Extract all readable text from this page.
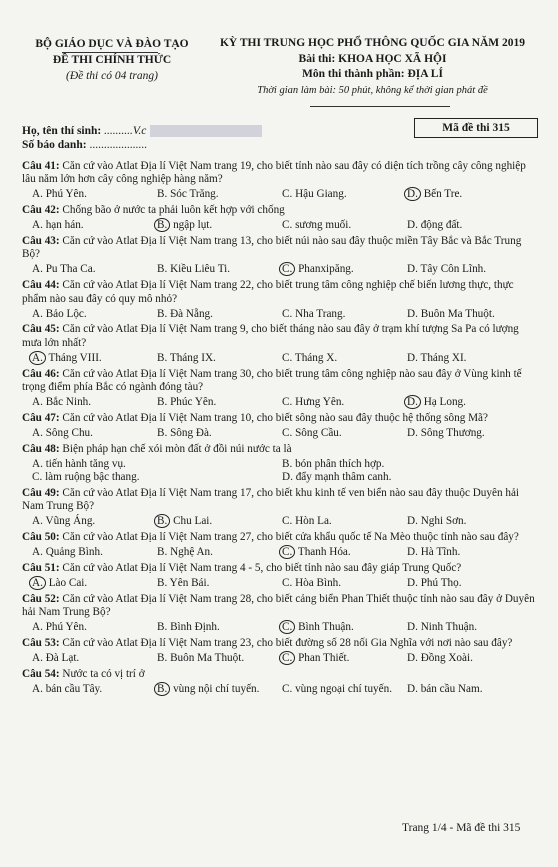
BỘ GIÁO DỤC VÀ ĐÀO TẠO
ĐỀ THI CHÍNH THỨC
(Đề thi có 04 trang)
KỲ THI TRUNG HỌC PHỔ THÔNG QUỐC GIA NĂM 2019
Bài thi: KHOA HỌC XÃ HỘI
Môn thi thành phần: ĐỊA LÍ
Thời gian làm bài: 50 phút, không kể thời gian phát đề
Họ, tên thí sinh: ..........V.c
Số báo danh: ....................
Mã đề thi 315
Câu 41: Căn cứ vào Atlat Địa lí Việt Nam trang 19, cho biết tỉnh nào sau đây có diện tích trồng cây công nghiệp lâu năm lớn hơn cây công nghiệp hàng năm?
A. Phú Yên.	B. Sóc Trăng.	C. Hậu Giang.	D. Bến Tre.
Câu 42: Chống bão ở nước ta phải luôn kết hợp với chống
A. hạn hán.	B. ngập lụt.	C. sương muối.	D. động đất.
Câu 43: Căn cứ vào Atlat Địa lí Việt Nam trang 13, cho biết núi nào sau đây thuộc miền Tây Bắc và Bắc Trung Bộ?
A. Pu Tha Ca.	B. Kiều Liêu Ti.	C. Phanxipăng.	D. Tây Côn Lĩnh.
Câu 44: Căn cứ vào Atlat Địa lí Việt Nam trang 22, cho biết trung tâm công nghiệp chế biến lương thực, thực phẩm nào sau đây có quy mô nhỏ?
A. Bảo Lộc.	B. Đà Nẵng.	C. Nha Trang.	D. Buôn Ma Thuột.
Câu 45: Căn cứ vào Atlat Địa lí Việt Nam trang 9, cho biết tháng nào sau đây ở trạm khí tượng Sa Pa có lượng mưa lớn nhất?
A. Tháng VIII.	B. Tháng IX.	C. Tháng X.	D. Tháng XI.
Câu 46: Căn cứ vào Atlat Địa lí Việt Nam trang 30, cho biết trung tâm công nghiệp nào sau đây ở Vùng kinh tế trọng điểm phía Bắc có ngành đóng tàu?
A. Bắc Ninh.	B. Phúc Yên.	C. Hưng Yên.	D. Hạ Long.
Câu 47: Căn cứ vào Atlat Địa lí Việt Nam trang 10, cho biết sông nào sau đây thuộc hệ thống sông Mã?
A. Sông Chu.	B. Sông Đà.	C. Sông Cầu.	D. Sông Thương.
Câu 48: Biện pháp hạn chế xói mòn đất ở đồi núi nước ta là
A. tiến hành tăng vụ.	B. bón phân thích hợp.
C. làm ruộng bậc thang.	D. đẩy mạnh thâm canh.
Câu 49: Căn cứ vào Atlat Địa lí Việt Nam trang 17, cho biết khu kinh tế ven biển nào sau đây thuộc Duyên hải Nam Trung Bộ?
A. Vũng Áng.	B. Chu Lai.	C. Hòn La.	D. Nghi Sơn.
Câu 50: Căn cứ vào Atlat Địa lí Việt Nam trang 27, cho biết cửa khẩu quốc tế Na Mèo thuộc tỉnh nào sau đây?
A. Quảng Bình.	B. Nghệ An.	C. Thanh Hóa.	D. Hà Tĩnh.
Câu 51: Căn cứ vào Atlat Địa lí Việt Nam trang 4 - 5, cho biết tỉnh nào sau đây giáp Trung Quốc?
A. Lào Cai.	B. Yên Bái.	C. Hòa Bình.	D. Phú Thọ.
Câu 52: Căn cứ vào Atlat Địa lí Việt Nam trang 28, cho biết cảng biển Phan Thiết thuộc tỉnh nào sau đây ở Duyên hải Nam Trung Bộ?
A. Phú Yên.	B. Bình Định.	C. Bình Thuận.	D. Ninh Thuận.
Câu 53: Căn cứ vào Atlat Địa lí Việt Nam trang 23, cho biết đường số 28 nối Gia Nghĩa với nơi nào sau đây?
A. Đà Lạt.	B. Buôn Ma Thuột.	C. Phan Thiết.	D. Đồng Xoài.
Câu 54: Nước ta có vị trí ở
A. bán cầu Tây.	B. vùng nội chí tuyến.	C. vùng ngoại chí tuyến.	D. bán cầu Nam.
Trang 1/4 - Mã đề thi 315
